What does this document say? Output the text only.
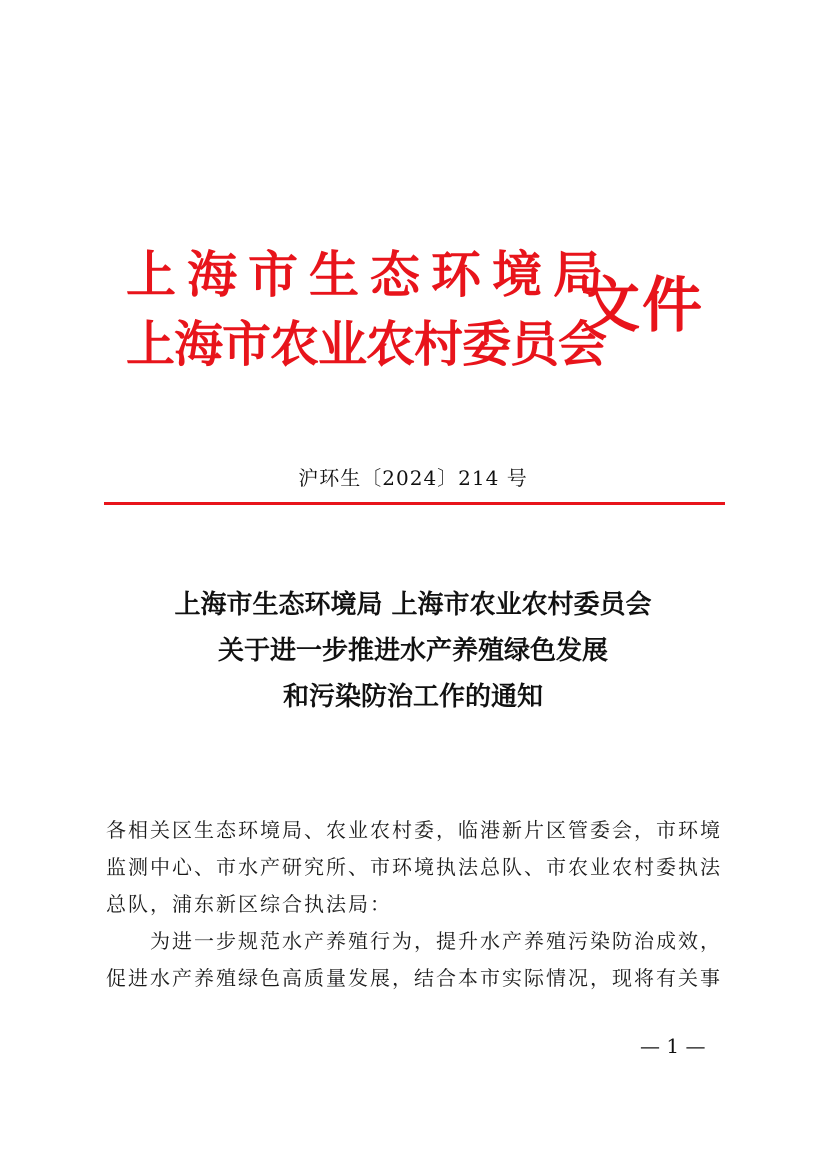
上海市生态环境局
上海市农业农村委员会
文件
沪环生〔2024〕214 号
上海市生态环境局 上海市农业农村委员会
关于进一步推进水产养殖绿色发展
和污染防治工作的通知
各相关区生态环境局、农业农村委，临港新片区管委会，市环境
监测中心、市水产研究所、市环境执法总队、市农业农村委执法
总队，浦东新区综合执法局：
为进一步规范水产养殖行为，提升水产养殖污染防治成效，
促进水产养殖绿色高质量发展，结合本市实际情况，现将有关事
— 1 —
